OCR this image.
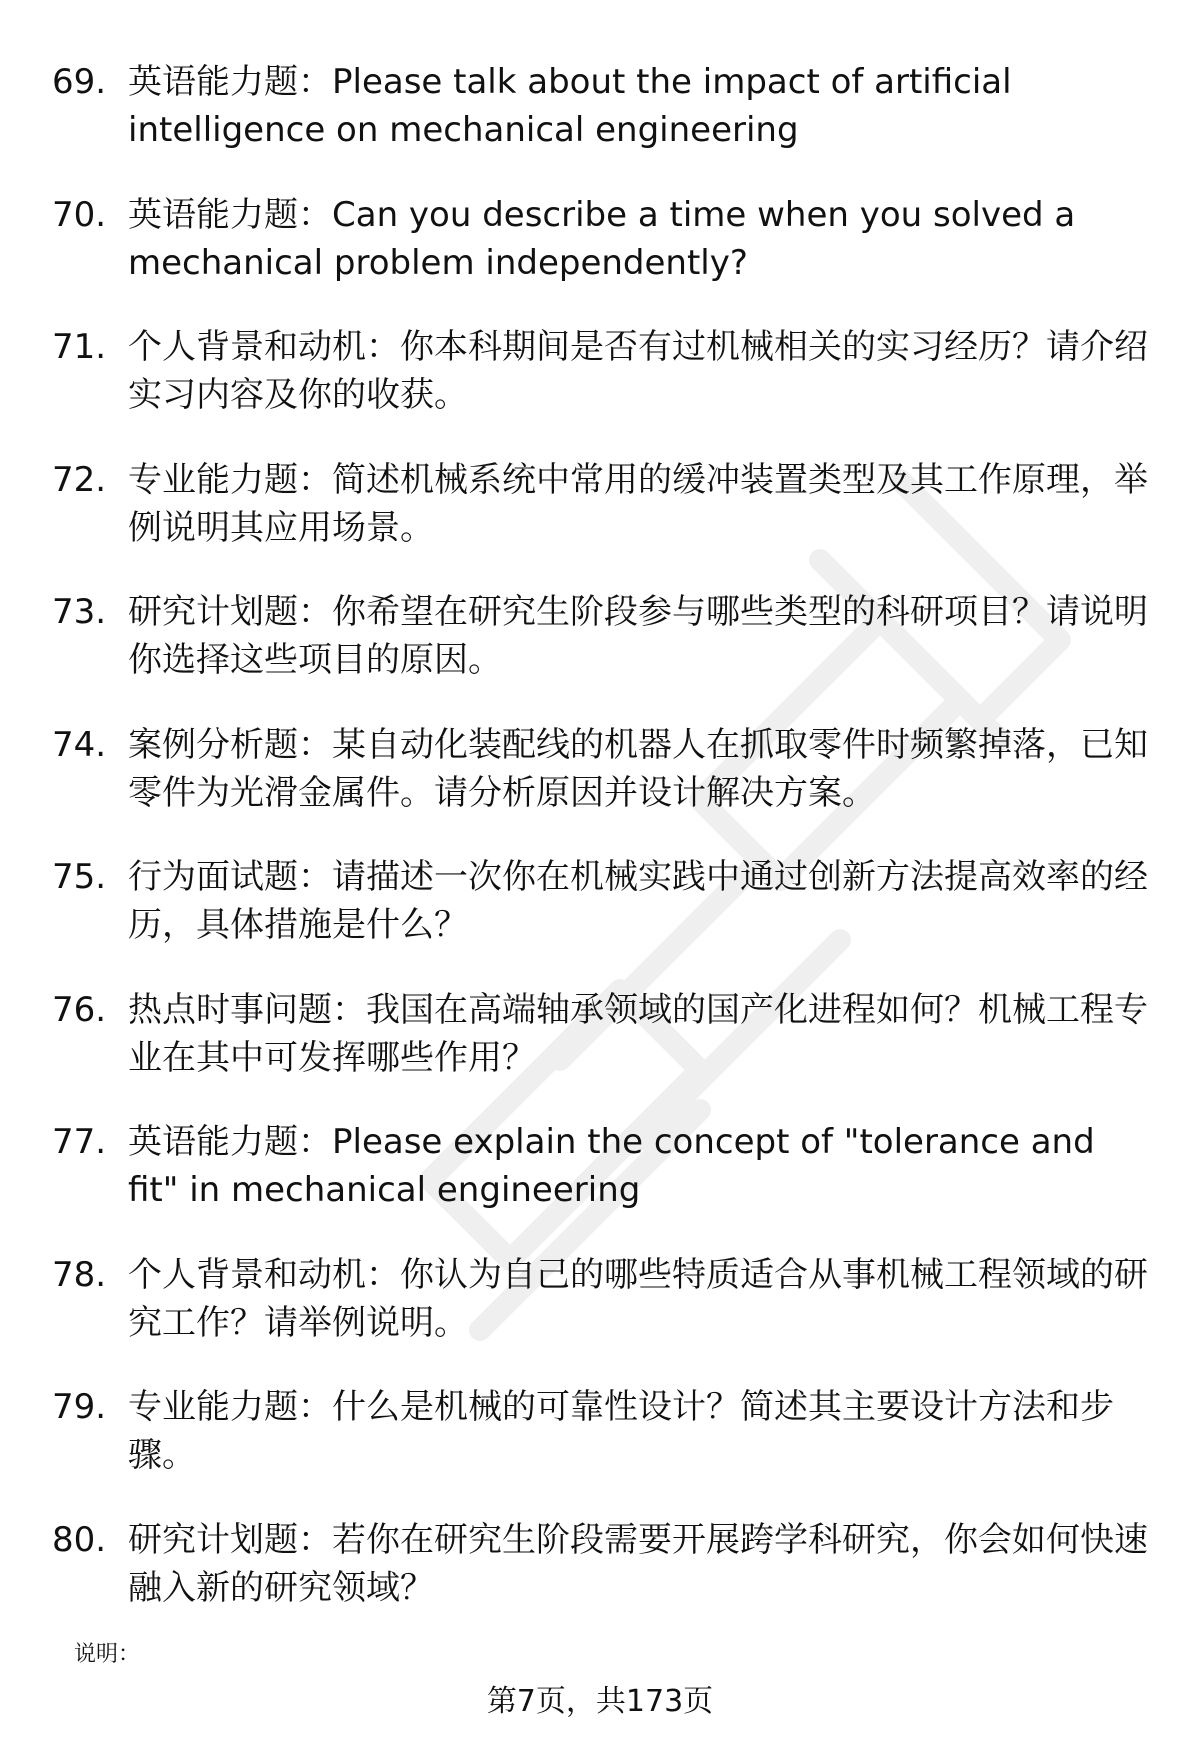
69. 英语能力题：Please talk about the impact of artificial intelligence on mechanical engineering
70. 英语能力题：Can you describe a time when you solved a mechanical problem independently?
71. 个人背景和动机：你本科期间是否有过机械相关的实习经历？请介绍实习内容及你的收获。
72. 专业能力题：简述机械系统中常用的缓冲装置类型及其工作原理，举例说明其应用场景。
73. 研究计划题：你希望在研究生阶段参与哪些类型的科研项目？请说明你选择这些项目的原因。
74. 案例分析题：某自动化装配线的机器人在抓取零件时频繁掉落，已知零件为光滑金属件。请分析原因并设计解决方案。
75. 行为面试题：请描述一次你在机械实践中通过创新方法提高效率的经历，具体措施是什么？
76. 热点时事问题：我国在高端轴承领域的国产化进程如何？机械工程专业在其中可发挥哪些作用？
77. 英语能力题：Please explain the concept of "tolerance and fit" in mechanical engineering
78. 个人背景和动机：你认为自己的哪些特质适合从事机械工程领域的研究工作？请举例说明。
79. 专业能力题：什么是机械的可靠性设计？简述其主要设计方法和步骤。
80. 研究计划题：若你在研究生阶段需要开展跨学科研究，你会如何快速融入新的研究领域？
说明：
第7页，共173页
